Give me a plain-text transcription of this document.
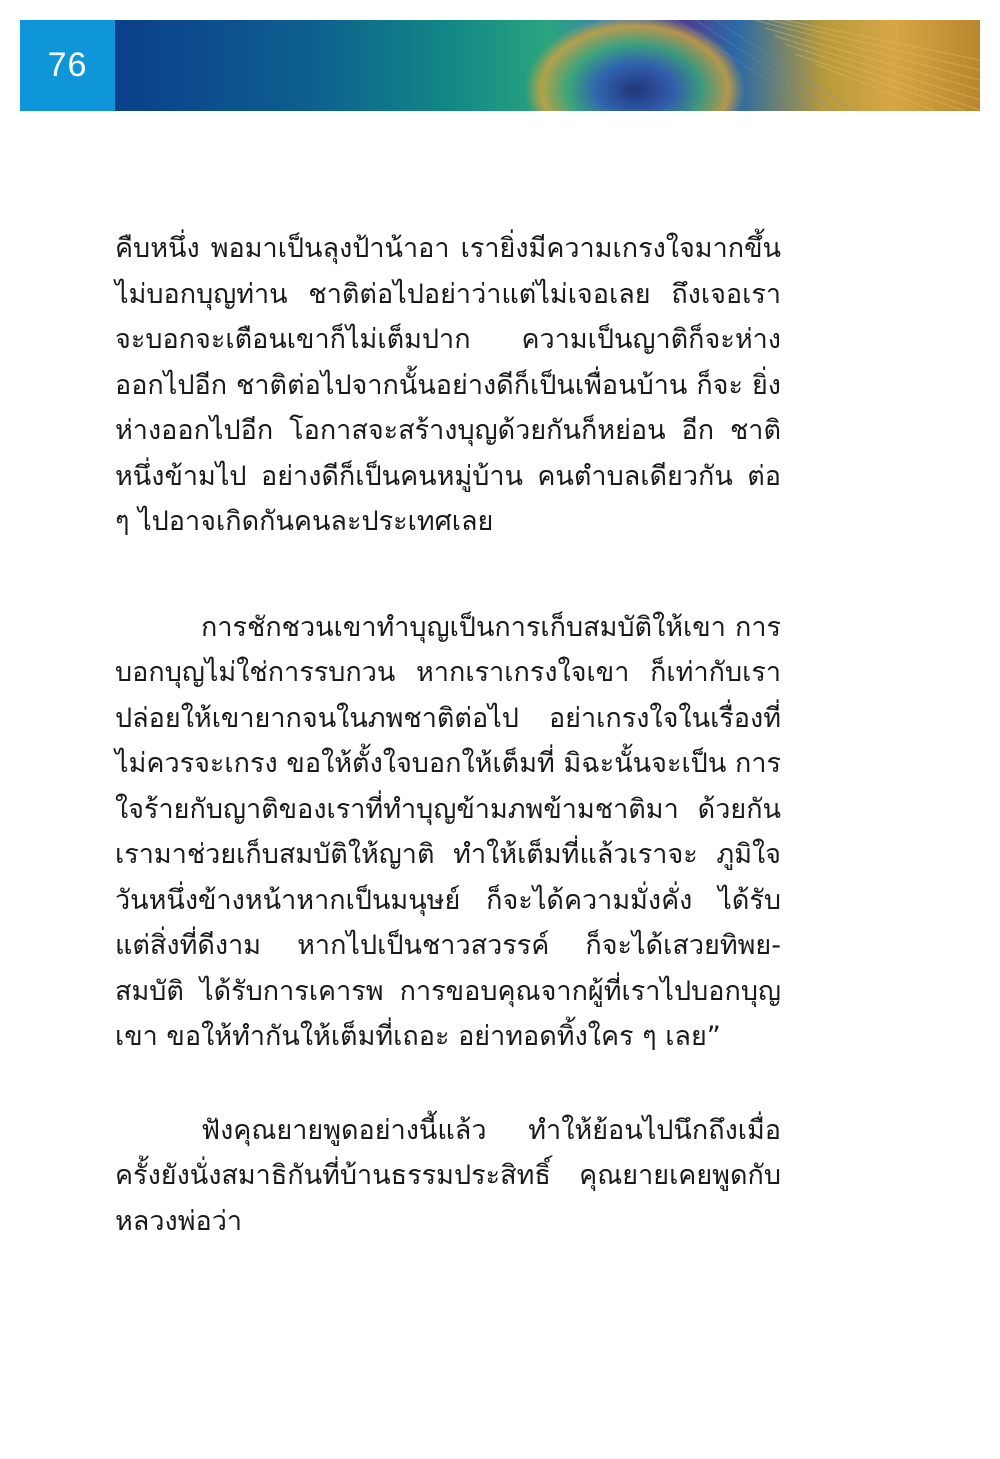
76

คืบหนึ่ง พอมาเป็นลุงป้าน้าอา เรายิ่งมีความเกรงใจมากขึ้น ไม่บอกบุญท่าน ชาติต่อไปอย่าว่าแต่ไม่เจอเลย ถึงเจอเรา จะบอกจะเตือนเขาก็ไม่เต็มปาก ความเป็นญาติก็จะห่าง ออกไปอีก ชาติต่อไปจากนั้นอย่างดีก็เป็นเพื่อนบ้าน ก็จะ ยิ่งห่างออกไปอีก โอกาสจะสร้างบุญด้วยกันก็หย่อน อีก ชาติหนึ่งข้ามไป อย่างดีก็เป็นคนหมู่บ้าน คนตำบลเดียวกัน ต่อ ๆ ไปอาจเกิดกันคนละประเทศเลย

การชักชวนเขาทำบุญเป็นการเก็บสมบัติให้เขา การ บอกบุญไม่ใช่การรบกวน หากเราเกรงใจเขา ก็เท่ากับเรา ปล่อยให้เขายากจนในภพชาติต่อไป อย่าเกรงใจในเรื่องที่ ไม่ควรจะเกรง ขอให้ตั้งใจบอกให้เต็มที่ มิฉะนั้นจะเป็น การใจร้ายกับญาติของเราที่ทำบุญข้ามภพข้ามชาติมา ด้วยกัน เรามาช่วยเก็บสมบัติให้ญาติ ทำให้เต็มที่แล้วเราจะ ภูมิใจ วันหนึ่งข้างหน้าหากเป็นมนุษย์ ก็จะได้ความมั่งคั่ง ได้รับแต่สิ่งที่ดีงาม หากไปเป็นชาวสวรรค์ ก็จะได้เสวยทิพย- สมบัติ ได้รับการเคารพ การขอบคุณจากผู้ที่เราไปบอกบุญ เขา ขอให้ทำกันให้เต็มที่เถอะ อย่าทอดทิ้งใคร ๆ เลย”

ฟังคุณยายพูดอย่างนี้แล้ว ทำให้ย้อนไปนึกถึงเมื่อ ครั้งยังนั่งสมาธิกันที่บ้านธรรมประสิทธิ์ คุณยายเคยพูดกับ หลวงพ่อว่า
